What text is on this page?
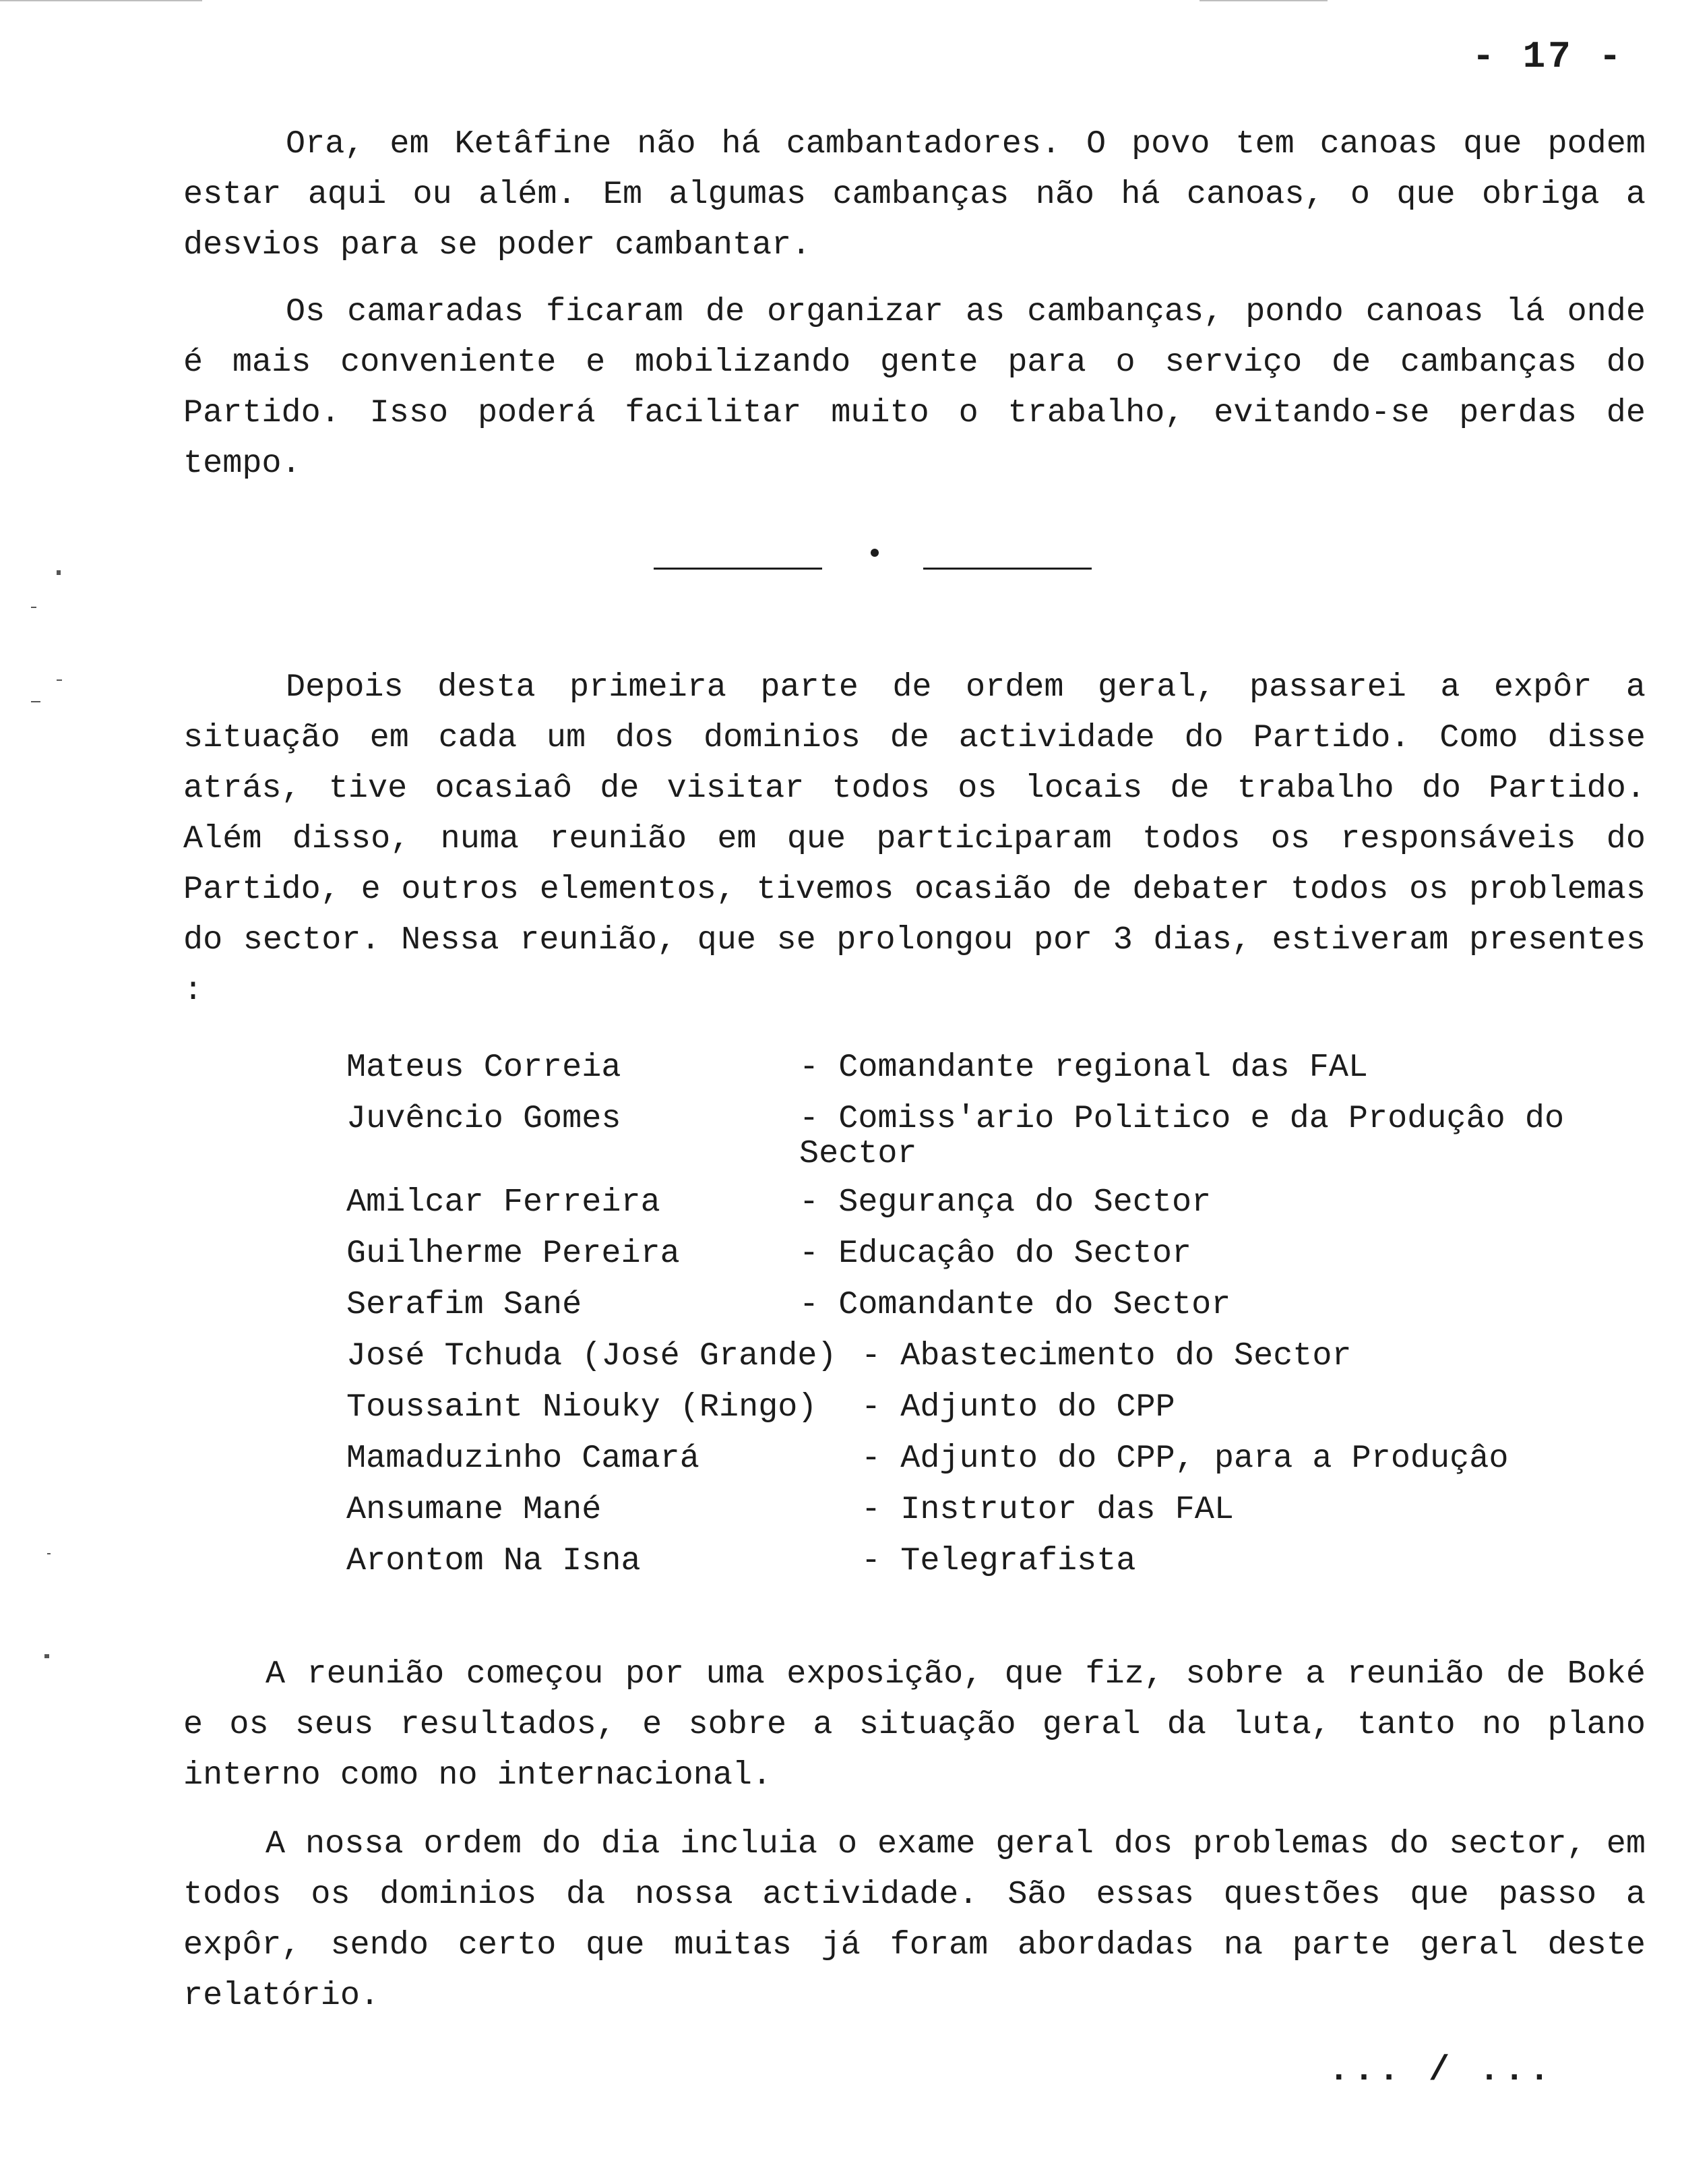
- 17 -

Ora, em Ketâfine não há cambantadores. O povo tem canoas que podem estar aqui ou além. Em algumas cambanças não há canoas, o que obriga a desvios para se poder cambantar.

Os camaradas ficaram de organizar as cambanças, pondo canoas lá onde é mais conveniente e mobilizando gente para o serviço de cambanças do Partido. Isso poderá facilitar muito o trabalho, evitando-se perdas de tempo.

Depois desta primeira parte de ordem geral, passarei a expôr a situação em cada um dos dominios de actividade do Partido. Como disse atrás, tive ocasiaô de visitar todos os locais de trabalho do Partido. Além disso, numa reunião em que participaram todos os responsáveis do Partido, e outros elementos, tivemos ocasião de debater todos os problemas do sector. Nessa reunião, que se prolongou por 3 dias, estiveram presentes :

Mateus Correia	- Comandante regional das FAL
Juvêncio Gomes	- Comiss'ario Politico e da Produçâo do Sector
Amilcar Ferreira	- Segurança do Sector
Guilherme Pereira	- Educaçâo do Sector
Serafim Sané	- Comandante do Sector
José Tchuda (José Grande) - Abastecimento do Sector
Toussaint Niouky (Ringo) - Adjunto do CPP
Mamaduzinho Camará	- Adjunto do CPP, para a Produçâo
Ansumane Mané	- Instrutor das FAL
Arontom Na Isna	- Telegrafista

A reunião começou por uma exposição, que fiz, sobre a reunião de Boké e os seus resultados, e sobre a situação geral da luta, tanto no plano interno como no internacional.

A nossa ordem do dia incluia o exame geral dos problemas do sector, em todos os dominios da nossa actividade. São essas questões que passo a expôr, sendo certo que muitas já foram abordadas na parte geral deste relatório.

... / ...
